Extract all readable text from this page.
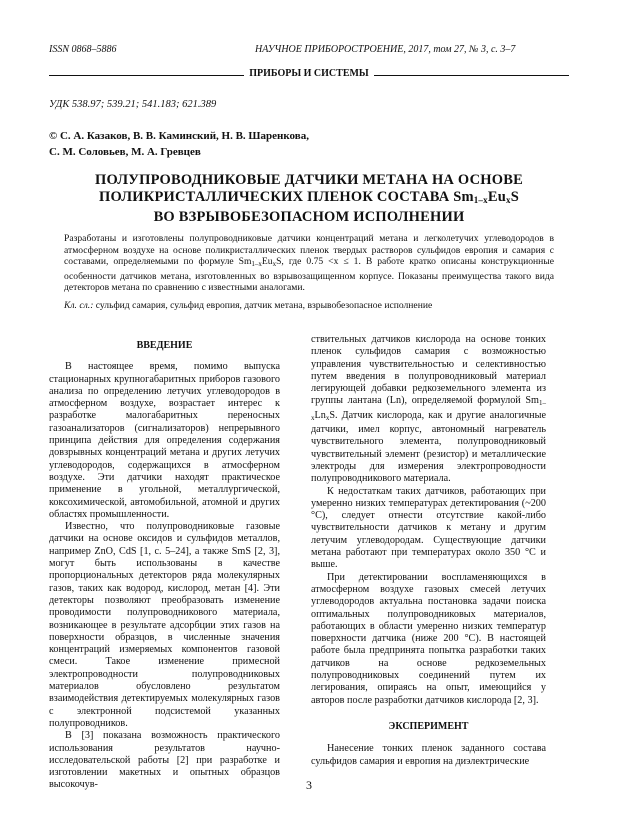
ISSN 0868–5886	НАУЧНОЕ ПРИБОРОСТРОЕНИЕ, 2017, том 27, № 3, с. 3–7
ПРИБОРЫ И СИСТЕМЫ
УДК 538.97; 539.21; 541.183; 621.389
© С. А. Казаков, В. В. Каминский, Н. В. Шаренкова,
С. М. Соловьев, М. А. Гревцев
ПОЛУПРОВОДНИКОВЫЕ ДАТЧИКИ МЕТАНА НА ОСНОВЕ
ПОЛИКРИСТАЛЛИЧЕСКИХ ПЛЕНОК СОСТАВА $Sm_{1-x}Eu_xS$
ВО ВЗРЫВОБЕЗОПАСНОМ ИСПОЛНЕНИИ
Разработаны и изготовлены полупроводниковые датчики концентраций метана и легколетучих углеводородов в атмосферном воздухе на основе поликристаллических пленок твердых растворов сульфидов европия и самария с составами, определяемыми по формуле $Sm_{1-x}Eu_xS$, где 0.75 <x ≤ 1. В работе кратко описаны конструкционные особенности датчиков метана, изготовленных во взрывозащищенном корпусе. Показаны преимущества такого вида детекторов метана по сравнению с известными аналогами.
Кл. сл.: сульфид самария, сульфид европия, датчик метана, взрывобезопасное исполнение

ВВЕДЕНИЕ

В настоящее время, помимо выпуска стационарных крупногабаритных приборов газового анализа по определению летучих углеводородов в атмосферном воздухе, возрастает интерес к разработке малогабаритных переносных газоанализаторов (сигнализаторов) непрерывного принципа действия для определения содержания довзрывных концентраций метана и других летучих углеводородов, содержащихся в атмосферном воздухе. Эти датчики находят практическое применение в угольной, металлургической, коксохимической, автомобильной, атомной и других областях промышленности.

Известно, что полупроводниковые газовые датчики на основе оксидов и сульфидов металлов, например ZnO, CdS [1, с. 5–24], а также SmS [2, 3], могут быть использованы в качестве пропорциональных детекторов ряда молекулярных газов, таких как водород, кислород, метан [4]. Эти детекторы позволяют преобразовать изменение проводимости полупроводникового материала, возникающее в результате адсорбции этих газов на поверхности образцов, в численные значения концентраций измеряемых компонентов газовой смеси. Такое изменение примесной электропроводности полупроводниковых материалов обусловлено результатом взаимодействия детектируемых молекулярных газов с электронной подсистемой указанных полупроводников.

В [3] показана возможность практического использования результатов научно-исследовательской работы [2] при разработке и изготовлении макетных и опытных образцов высокочув-

ствительных датчиков кислорода на основе тонких пленок сульфидов самария с возможностью управления чувствительностью и селективностью путем введения в полупроводниковый материал легирующей добавки редкоземельного элемента из группы лантана (Ln), определяемой формулой $Sm_{1-x}Ln_xS$. Датчик кислорода, как и другие аналогичные датчики, имел корпус, автономный нагреватель чувствительного элемента, полупроводниковый чувствительный элемент (резистор) и металлические электроды для измерения электропроводности полупроводникового материала.

К недостаткам таких датчиков, работающих при умеренно низких температурах детектирования (~200 °С), следует отнести отсутствие какой-либо чувствительности датчиков к метану и другим летучим углеводородам. Существующие датчики метана работают при температурах около 350 °С и выше.

При детектировании воспламеняющихся в атмосферном воздухе газовых смесей летучих углеводородов актуальна постановка задачи поиска оптимальных полупроводниковых материалов, работающих в области умеренно низких температур поверхности датчика (ниже 200 °С). В настоящей работе была предпринята попытка разработки таких датчиков на основе редкоземельных полупроводниковых соединений путем их легирования, опираясь на опыт, имеющийся у авторов после разработки датчиков кислорода [2, 3].

ЭКСПЕРИМЕНТ

Нанесение тонких пленок заданного состава сульфидов самария и европия на диэлектрические

3
